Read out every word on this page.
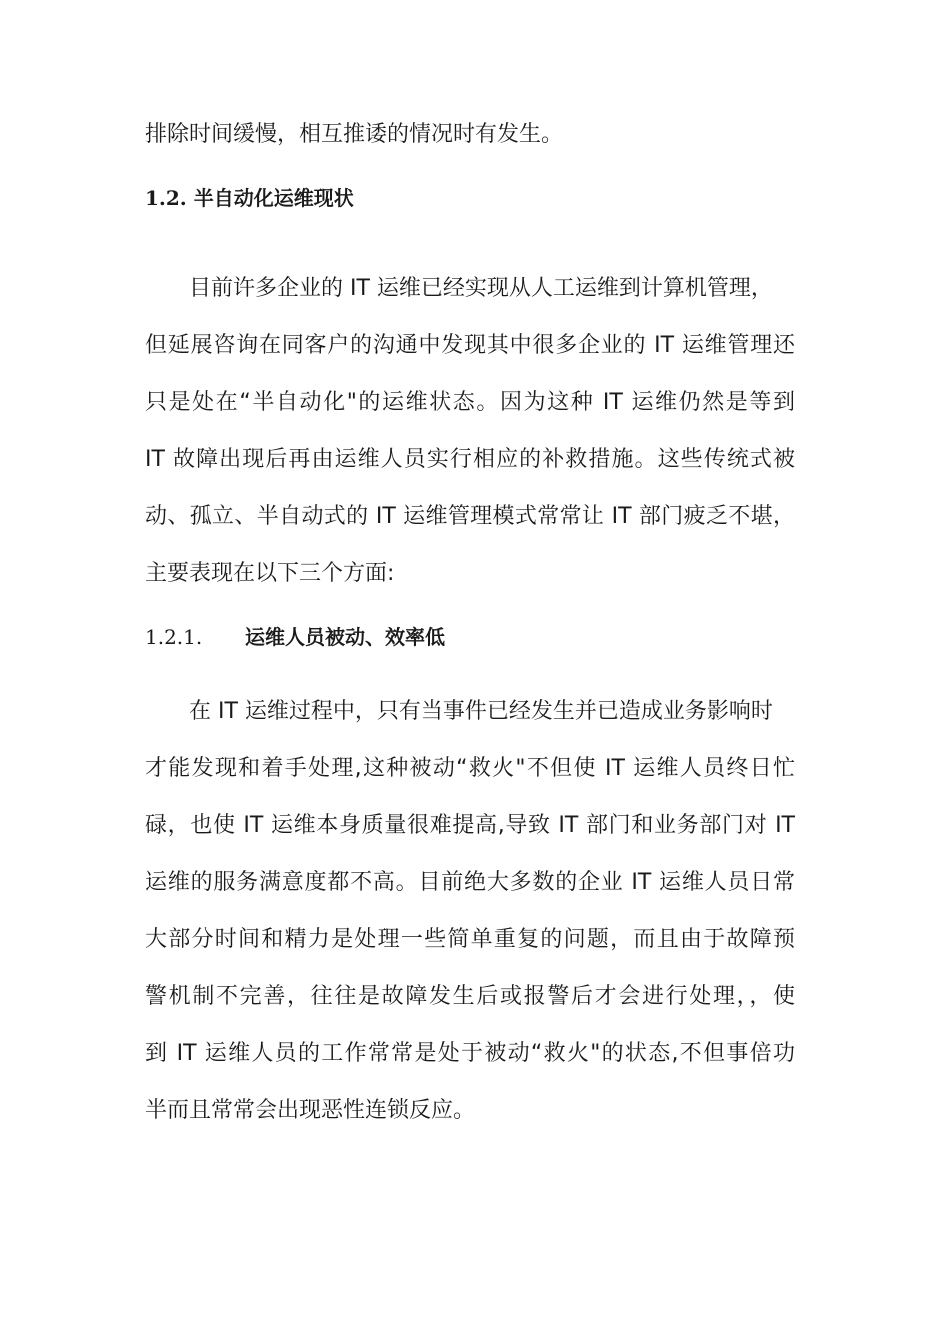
排除时间缓慢，相互推诿的情况时有发生。
1.2. 半自动化运维现状
目前许多企业的 IT 运维已经实现从人工运维到计算机管理，
但延展咨询在同客户的沟通中发现其中很多企业的 IT 运维管理还
只是处在“半自动化"的运维状态。因为这种 IT 运维仍然是等到
IT 故障出现后再由运维人员实行相应的补救措施。这些传统式被
动、孤立、半自动式的 IT 运维管理模式常常让 IT 部门疲乏不堪，
主要表现在以下三个方面:
1.2.1. 运维人员被动、效率低
在 IT 运维过程中，只有当事件已经发生并已造成业务影响时
才能发现和着手处理,这种被动“救火"不但使 IT 运维人员终日忙
碌，也使 IT 运维本身质量很难提高,导致 IT 部门和业务部门对 IT
运维的服务满意度都不高。目前绝大多数的企业 IT 运维人员日常
大部分时间和精力是处理一些简单重复的问题，而且由于故障预
警机制不完善，往往是故障发生后或报警后才会进行处理，，使
到 IT 运维人员的工作常常是处于被动“救火"的状态,不但事倍功
半而且常常会出现恶性连锁反应。
